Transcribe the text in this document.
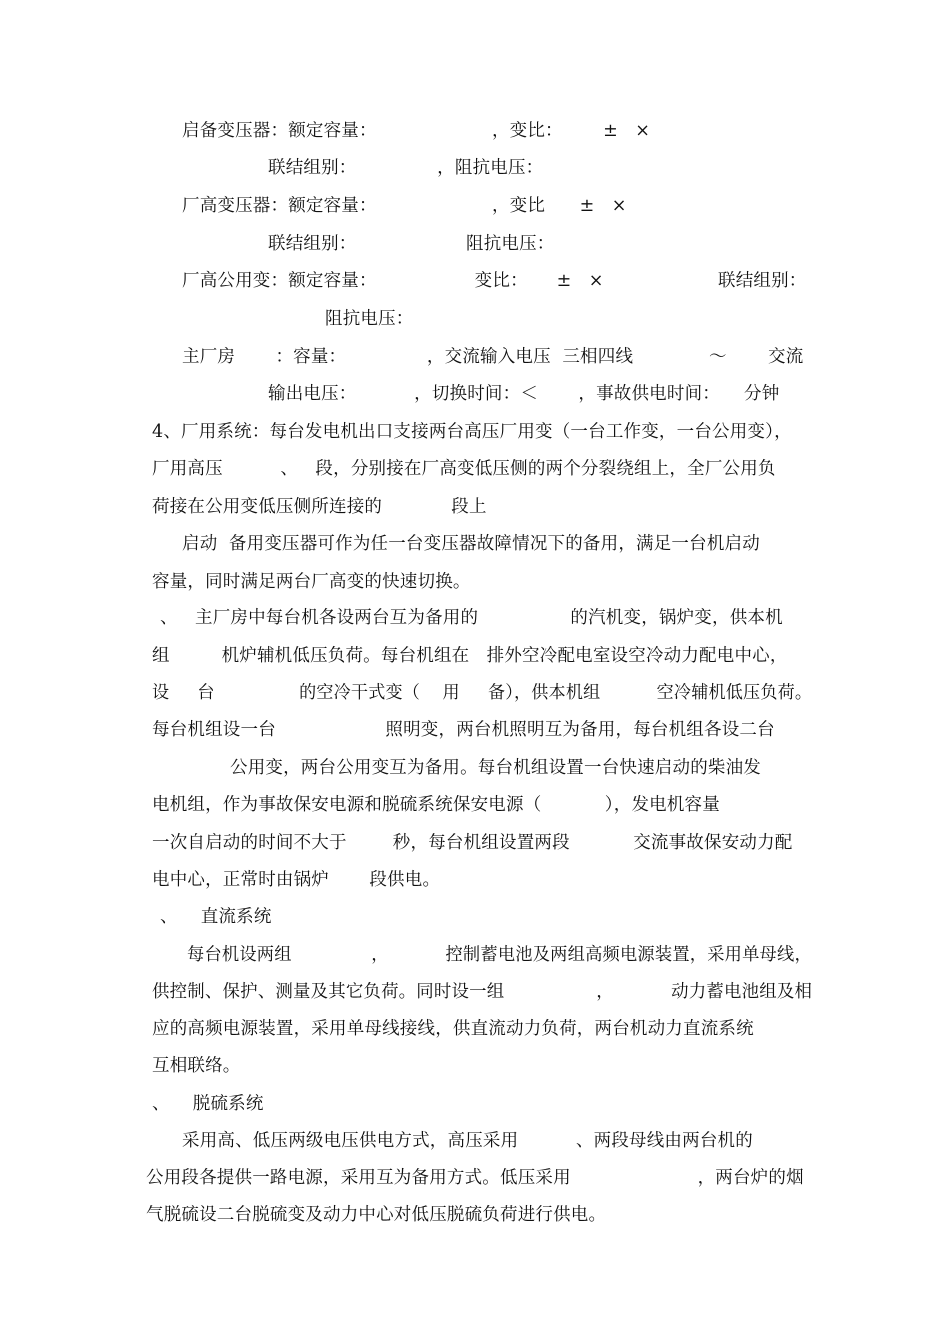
启备变压器：额定容量：                    ，变比：       ±   ×
联结组别：              ，阻抗电压：
厂高变压器：额定容量：                    ，变比      ±   ×
联结组别：                   阻抗电压：
厂高公用变：额定容量：                 变比：     ±   ×	联结组别：
阻抗电压：
主厂房       ：容量：              ，交流输入电压  三相四线	～ 交流
输出电压：          ，切换时间：＜       ，事故供电时间： 分钟
4、厂用系统：每台发电机出口支接两台高压厂用变（一台工作变，一台公用变），
厂用高压          、   段，分别接在厂高变低压侧的两个分裂绕组上，全厂公用负
荷接在公用变低压侧所连接的            段上
启动  备用变压器可作为任一台变压器故障情况下的备用，满足一台机启动
容量，同时满足两台厂高变的快速切换。
、   主厂房中每台机各设两台互为备用的                的汽机变，锅炉变，供本机
组         机炉辅机低压负荷。每台机组在   排外空冷配电室设空冷动力配电中心，
设     台               的空冷干式变（    用     备），供本机组          空冷辅机低压负荷。
每台机组设一台                   照明变，两台机照明互为备用，每台机组各设二台
公用变，两台公用变互为备用。每台机组设置一台快速启动的柴油发
电机组，作为事故保安电源和脱硫系统保安电源（           ），发电机容量
一次自启动的时间不大于        秒，每台机组设置两段           交流事故保安动力配
电中心，正常时由锅炉       段供电。
、    直流系统
每台机设两组              ，          控制蓄电池及两组高频电源装置，采用单母线，
供控制、保护、测量及其它负荷。同时设一组                ，          动力蓄电池组及相
应的高频电源装置，采用单母线接线，供直流动力负荷，两台机动力直流系统
互相联络。
、    脱硫系统
采用高、低压两级电压供电方式，高压采用          、两段母线由两台机的
公用段各提供一路电源，采用互为备用方式。低压采用                      ，两台炉的烟
气脱硫设二台脱硫变及动力中心对低压脱硫负荷进行供电。
